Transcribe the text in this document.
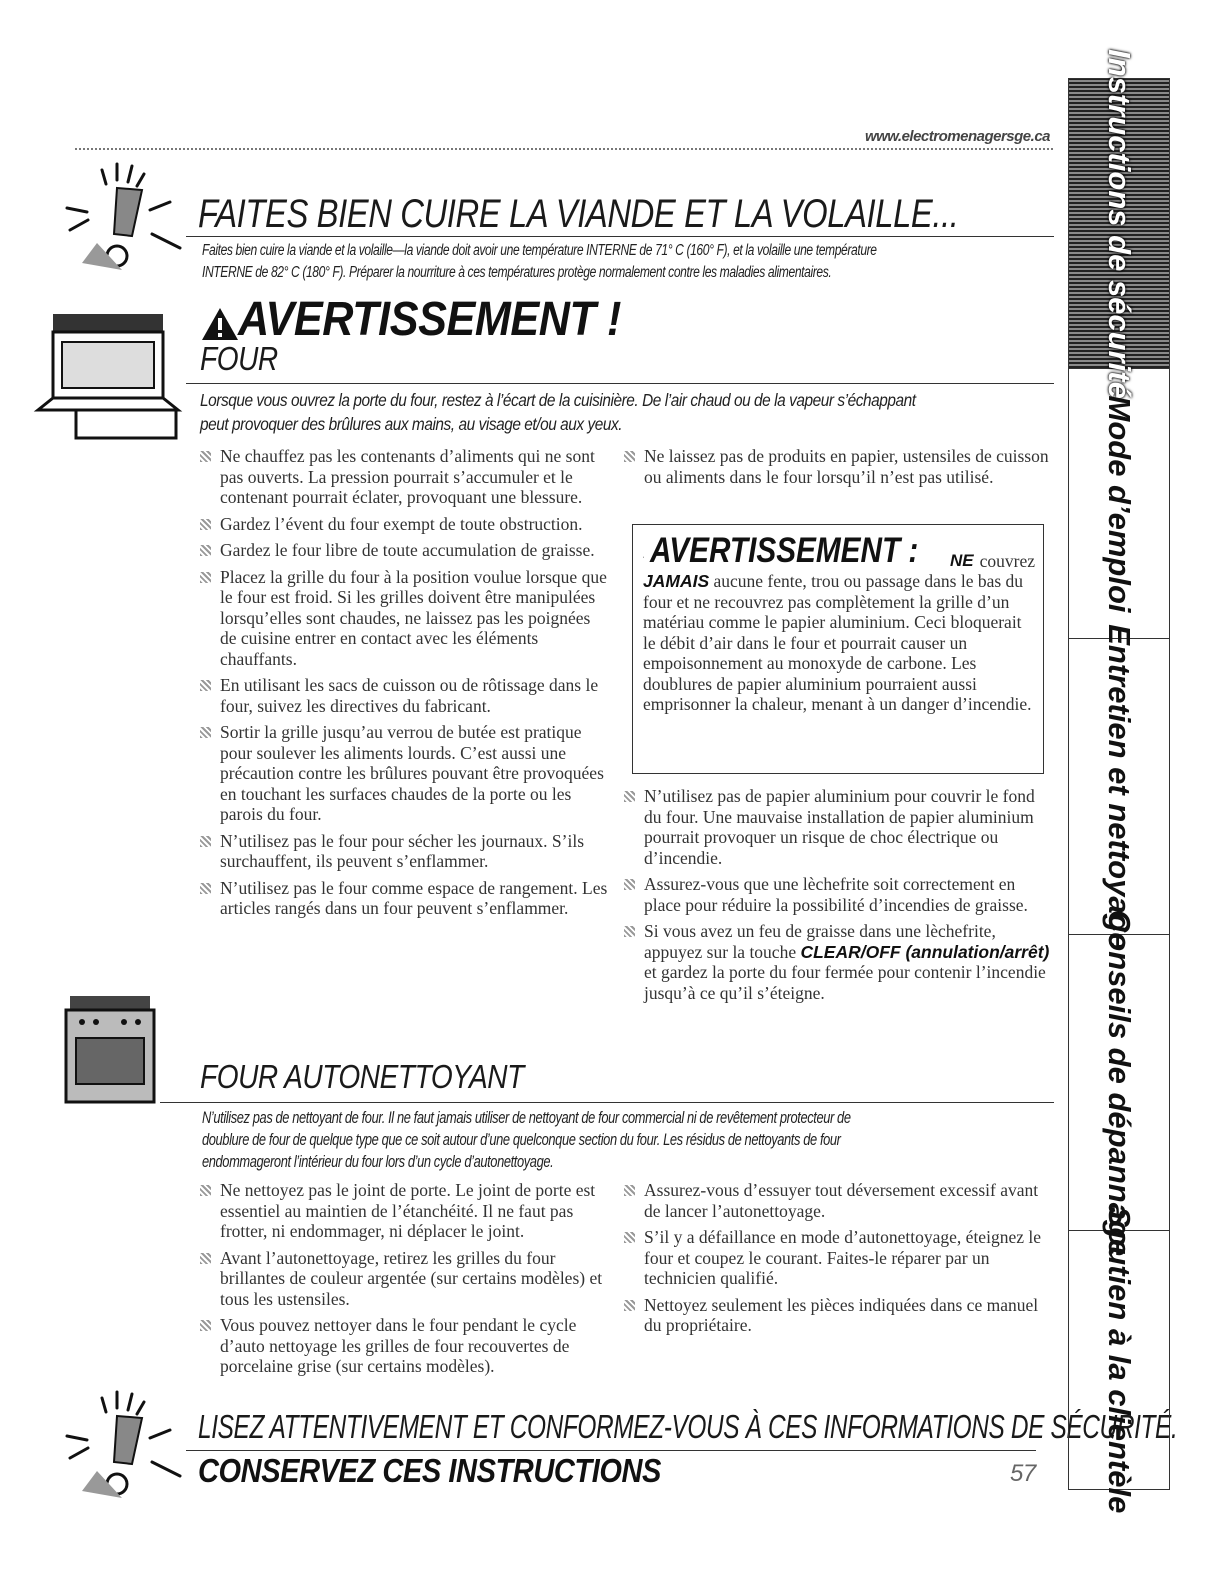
www.electromenagersge.ca
FAITES BIEN CUIRE LA VIANDE ET LA VOLAILLE...
Faites bien cuire la viande et la volaille—la viande doit avoir une température INTERNE de 71° C (160° F), et la volaille une température
INTERNE de 82° C (180° F). Préparer la nourriture à ces températures protège normalement contre les maladies alimentaires.
AVERTISSEMENT !
FOUR
Lorsque vous ouvrez la porte du four, restez à l’écart de la cuisinière. De l’air chaud ou de la vapeur s’échappant
peut provoquer des brûlures aux mains, au visage et/ou aux yeux.

Ne chauffez pas les contenants d’aliments qui ne sont pas ouverts. La pression pourrait s’accumuler et le contenant pourrait éclater, provoquant une blessure.

Gardez l’évent du four exempt de toute obstruction.

Gardez le four libre de toute accumulation de graisse.

Placez la grille du four à la position voulue lorsque que le four est froid. Si les grilles doivent être manipulées lorsqu’elles sont chaudes, ne laissez pas les poignées de cuisine entrer en contact avec les éléments chauffants.

En utilisant les sacs de cuisson ou de rôtissage dans le four, suivez les directives du fabricant.

Sortir la grille jusqu’au verrou de butée est pratique pour soulever les aliments lourds. C’est aussi une précaution contre les brûlures pouvant être provoquées en touchant les surfaces chaudes de la porte ou les parois du four.

N’utilisez pas le four pour sécher les journaux. S’ils surchauffent, ils peuvent s’enflammer.

N’utilisez pas le four comme espace de rangement. Les articles rangés dans un four peuvent s’enflammer.

Ne laissez pas de produits en papier, ustensiles de cuisson ou aliments dans le four lorsqu’il n’est pas utilisé.

AVERTISSEMENT : NE couvrez
JAMAIS aucune fente, trou ou passage dans le bas du four et ne recouvrez pas complètement la grille d’un matériau comme le papier aluminium. Ceci bloquerait le débit d’air dans le four et pourrait causer un empoisonnement au monoxyde de carbone. Les doublures de papier aluminium pourraient aussi emprisonner la chaleur, menant à un danger d’incendie.

N’utilisez pas de papier aluminium pour couvrir le fond du four. Une mauvaise installation de papier aluminium pourrait provoquer un risque de choc électrique ou d’incendie.

Assurez-vous que une lèchefrite soit correctement en place pour réduire la possibilité d’incendies de graisse.

Si vous avez un feu de graisse dans une lèchefrite, appuyez sur la touche CLEAR/OFF (annulation/arrêt) et gardez la porte du four fermée pour contenir l’incendie jusqu’à ce qu’il s’éteigne.

FOUR AUTONETTOYANT
N’utilisez pas de nettoyant de four. Il ne faut jamais utiliser de nettoyant de four commercial ni de revêtement protecteur de
doublure de four de quelque type que ce soit autour d’une quelconque section du four. Les résidus de nettoyants de four
endommageront l’intérieur du four lors d’un cycle d’autonettoyage.

Ne nettoyez pas le joint de porte. Le joint de porte est essentiel au maintien de l’étanchéité. Il ne faut pas frotter, ni endommager, ni déplacer le joint.

Avant l’autonettoyage, retirez les grilles du four brillantes de couleur argentée (sur certains modèles) et tous les ustensiles.

Vous pouvez nettoyer dans le four pendant le cycle d’auto nettoyage les grilles de four recouvertes de porcelaine grise (sur certains modèles).

Assurez-vous d’essuyer tout déversement excessif avant de lancer l’autonettoyage.

S’il y a défaillance en mode d’autonettoyage, éteignez le four et coupez le courant. Faites-le réparer par un technicien qualifié.

Nettoyez seulement les pièces indiquées dans ce manuel du propriétaire.

LISEZ ATTENTIVEMENT ET CONFORMEZ-VOUS À CES INFORMATIONS DE SÉCURITÉ.
CONSERVEZ CES INSTRUCTIONS	57
Instructions de sécurité
Mode d’emploi
Entretien et nettoyage
Conseils de dépannage
Soutien à la clientèle
